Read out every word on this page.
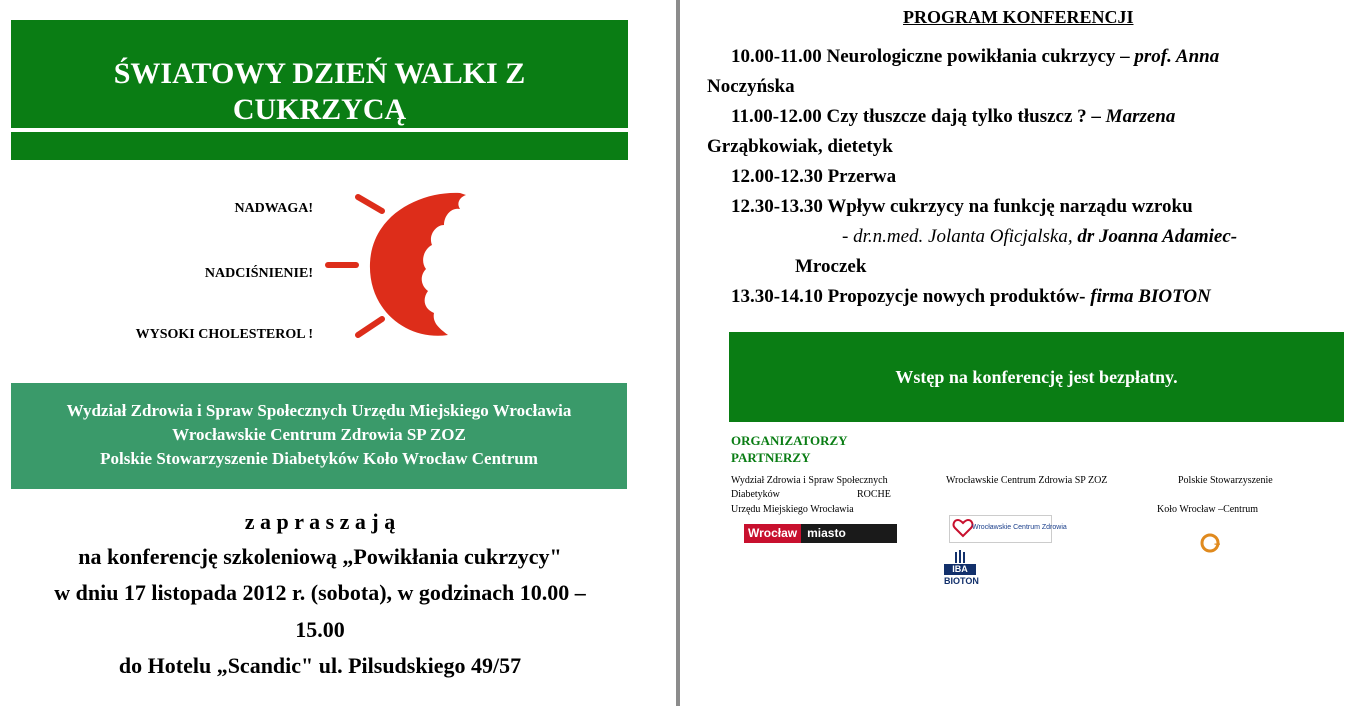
ŚWIATOWY DZIEŃ WALKI Z
CUKRZYCĄ
NADWAGA!
NADCIŚNIENIE!
WYSOKI CHOLESTEROL !
Wydział Zdrowia i Spraw Społecznych Urzędu Miejskiego Wrocławia
Wrocławskie Centrum Zdrowia SP ZOZ
Polskie Stowarzyszenie Diabetyków Koło Wrocław Centrum
z a p r a s z a j ą
na konferencję szkoleniową „Powikłania cukrzycy"
w dniu 17 listopada 2012 r. (sobota), w godzinach 10.00 –
15.00
do Hotelu „Scandic" ul. Pilsudskiego 49/57
PROGRAM KONFERENCJI
10.00-11.00 Neurologiczne powikłania cukrzycy – prof. Anna
Noczyńska
11.00-12.00 Czy tłuszcze dają tylko tłuszcz ? – Marzena
Grząbkowiak, dietetyk
12.00-12.30 Przerwa
12.30-13.30 Wpływ cukrzycy na funkcję narządu wzroku
- dr.n.med. Jolanta Oficjalska, dr Joanna Adamiec-
Mroczek
13.30-14.10 Propozycje nowych produktów- firma BIOTON
Wstęp na konferencję jest bezpłatny.
ORGANIZATORZY
PARTNERZY
Wydział Zdrowia i Spraw Społecznych	Wrocławskie Centrum Zdrowia SP ZOZ	Polskie Stowarzyszenie
Diabetyków	ROCHE
Urzędu Miejskiego Wrocławia	Koło Wrocław –Centrum
Wrocław miasto spotkań
Wrocławskie Centrum Zdrowia
IBA
BIOTON
+
